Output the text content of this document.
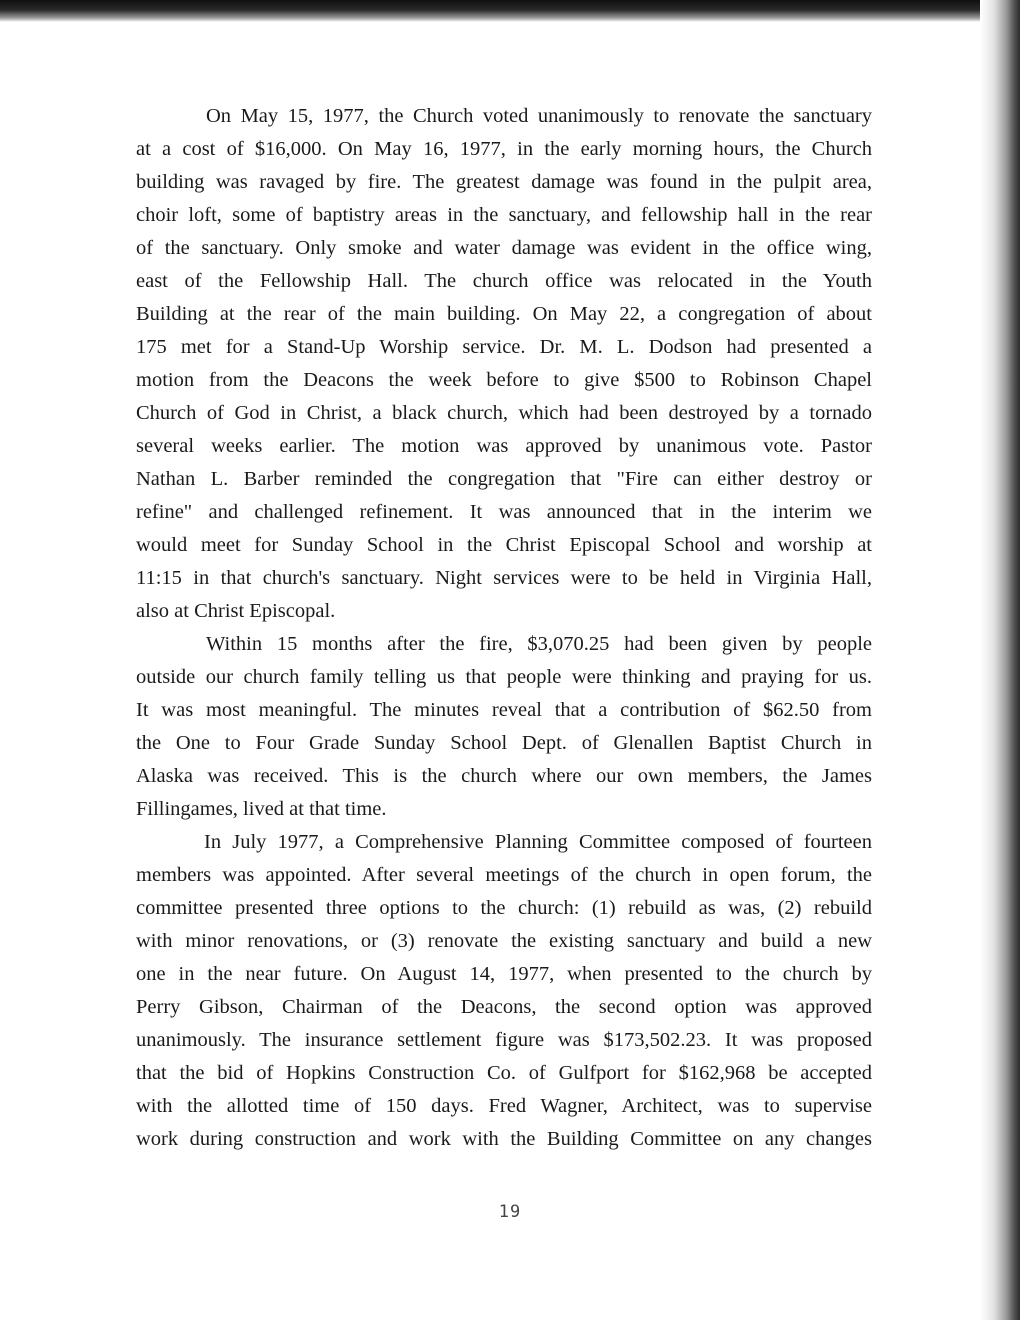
On May 15, 1977, the Church voted unanimously to renovate the sanctuary
at a cost of $16,000. On May 16, 1977, in the early morning hours, the Church
building was ravaged by fire. The greatest damage was found in the pulpit area,
choir loft, some of baptistry areas in the sanctuary, and fellowship hall in the rear
of the sanctuary. Only smoke and water damage was evident in the office wing,
east of the Fellowship Hall. The church office was relocated in the Youth
Building at the rear of the main building. On May 22, a congregation of about
175 met for a Stand-Up Worship service. Dr. M. L. Dodson had presented a
motion from the Deacons the week before to give $500 to Robinson Chapel
Church of God in Christ, a black church, which had been destroyed by a tornado
several weeks earlier. The motion was approved by unanimous vote. Pastor
Nathan L. Barber reminded the congregation that "Fire can either destroy or
refine" and challenged refinement. It was announced that in the interim we
would meet for Sunday School in the Christ Episcopal School and worship at
11:15 in that church's sanctuary. Night services were to be held in Virginia Hall,
also at Christ Episcopal.
Within 15 months after the fire, $3,070.25 had been given by people
outside our church family telling us that people were thinking and praying for us.
It was most meaningful. The minutes reveal that a contribution of $62.50 from
the One to Four Grade Sunday School Dept. of Glenallen Baptist Church in
Alaska was received. This is the church where our own members, the James
Fillingames, lived at that time.
In July 1977, a Comprehensive Planning Committee composed of fourteen
members was appointed. After several meetings of the church in open forum, the
committee presented three options to the church: (1) rebuild as was, (2) rebuild
with minor renovations, or (3) renovate the existing sanctuary and build a new
one in the near future. On August 14, 1977, when presented to the church by
Perry Gibson, Chairman of the Deacons, the second option was approved
unanimously. The insurance settlement figure was $173,502.23. It was proposed
that the bid of Hopkins Construction Co. of Gulfport for $162,968 be accepted
with the allotted time of 150 days. Fred Wagner, Architect, was to supervise
work during construction and work with the Building Committee on any changes
19
